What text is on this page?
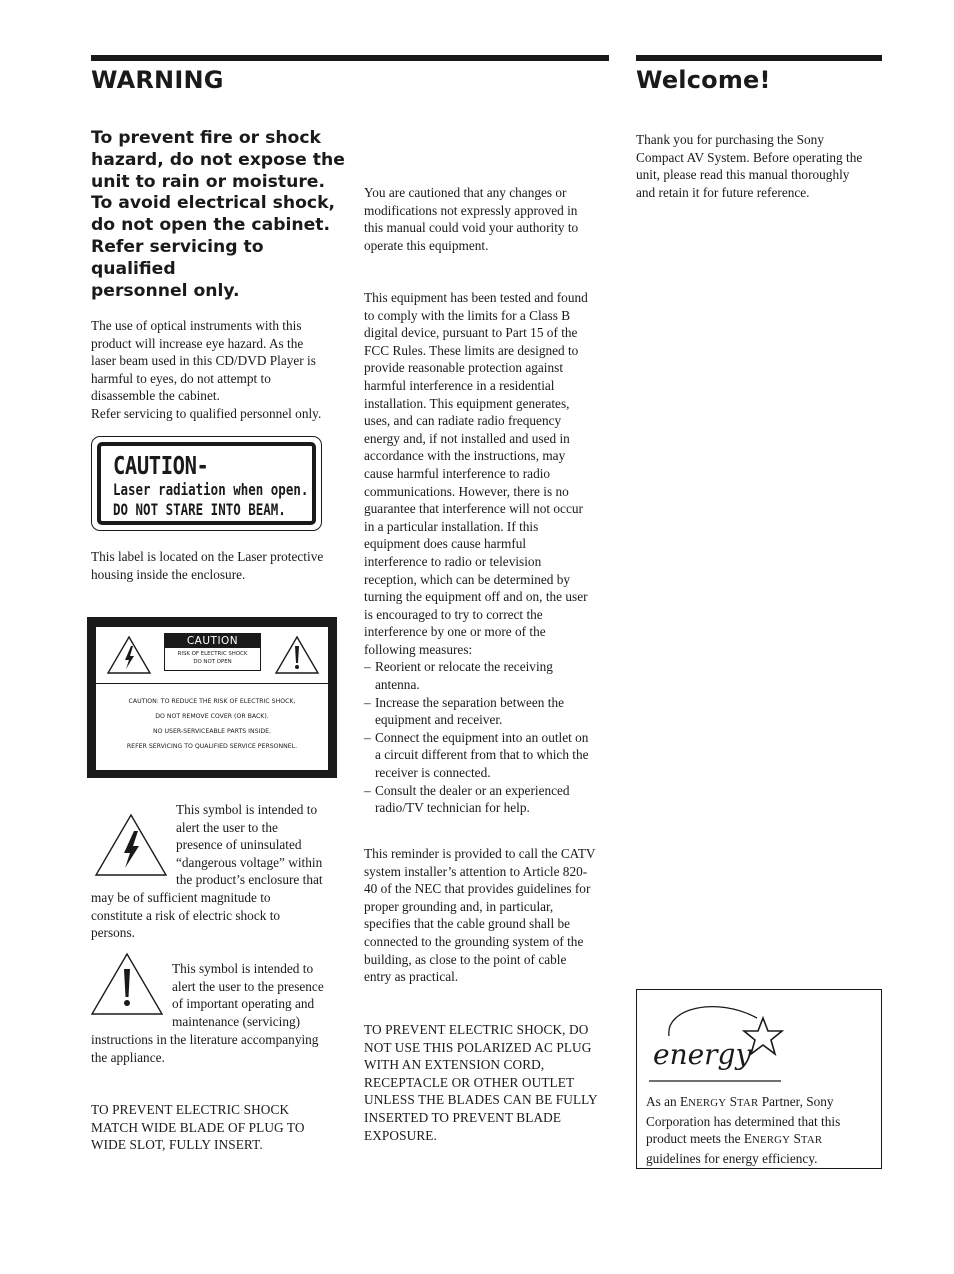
WARNING	Welcome!
To prevent fire or shock
hazard, do not expose the
unit to rain or moisture.
To avoid electrical shock,
do not open the cabinet.
Refer servicing to qualified
personnel only.
The use of optical instruments with this
product will increase eye hazard. As the
laser beam used in this CD/DVD Player is
harmful to eyes, do not attempt to
disassemble the cabinet.
Refer servicing to qualified personnel only.
CAUTION-
Laser radiation when open.
DO NOT STARE INTO BEAM.
This label is located on the Laser protective
housing inside the enclosure.
CAUTION
RISK OF ELECTRIC SHOCK
DO NOT OPEN
CAUTION: TO REDUCE THE RISK OF ELECTRIC SHOCK,
DO NOT REMOVE COVER (OR BACK).
NO USER-SERVICEABLE PARTS INSIDE.
REFER SERVICING TO QUALIFIED SERVICE PERSONNEL.
This symbol is intended to
alert the user to the
presence of uninsulated
“dangerous voltage” within
the product’s enclosure that
may be of sufficient magnitude to
constitute a risk of electric shock to
persons.
This symbol is intended to
alert the user to the presence
of important operating and
maintenance (servicing)
instructions in the literature accompanying
the appliance.
TO PREVENT ELECTRIC SHOCK
MATCH WIDE BLADE OF PLUG TO
WIDE SLOT, FULLY INSERT.
You are cautioned that any changes or
modifications not expressly approved in
this manual could void your authority to
operate this equipment.
This equipment has been tested and found
to comply with the limits for a Class B
digital device, pursuant to Part 15 of the
FCC Rules. These limits are designed to
provide reasonable protection against
harmful interference in a residential
installation. This equipment generates,
uses, and can radiate radio frequency
energy and, if not installed and used in
accordance with the instructions, may
cause harmful interference to radio
communications. However, there is no
guarantee that interference will not occur
in a particular installation. If this
equipment does cause harmful
interference to radio or television
reception, which can be determined by
turning the equipment off and on, the user
is encouraged to try to correct the
interference by one or more of the
following measures:
– Reorient or relocate the receiving
antenna.
– Increase the separation between the
equipment and receiver.
– Connect the equipment into an outlet on
a circuit different from that to which the
receiver is connected.
– Consult the dealer or an experienced
radio/TV technician for help.
This reminder is provided to call the CATV
system installer’s attention to Article 820-
40 of the NEC that provides guidelines for
proper grounding and, in particular,
specifies that the cable ground shall be
connected to the grounding system of the
building, as close to the point of cable
entry as practical.
TO PREVENT ELECTRIC SHOCK, DO
NOT USE THIS POLARIZED AC PLUG
WITH AN EXTENSION CORD,
RECEPTACLE OR OTHER OUTLET
UNLESS THE BLADES CAN BE FULLY
INSERTED TO PREVENT BLADE
EXPOSURE.
Thank you for purchasing the Sony
Compact AV System. Before operating the
unit, please read this manual thoroughly
and retain it for future reference.
energy
As an ENERGY STAR Partner, Sony
Corporation has determined that this
product meets the ENERGY STAR
guidelines for energy efficiency.
